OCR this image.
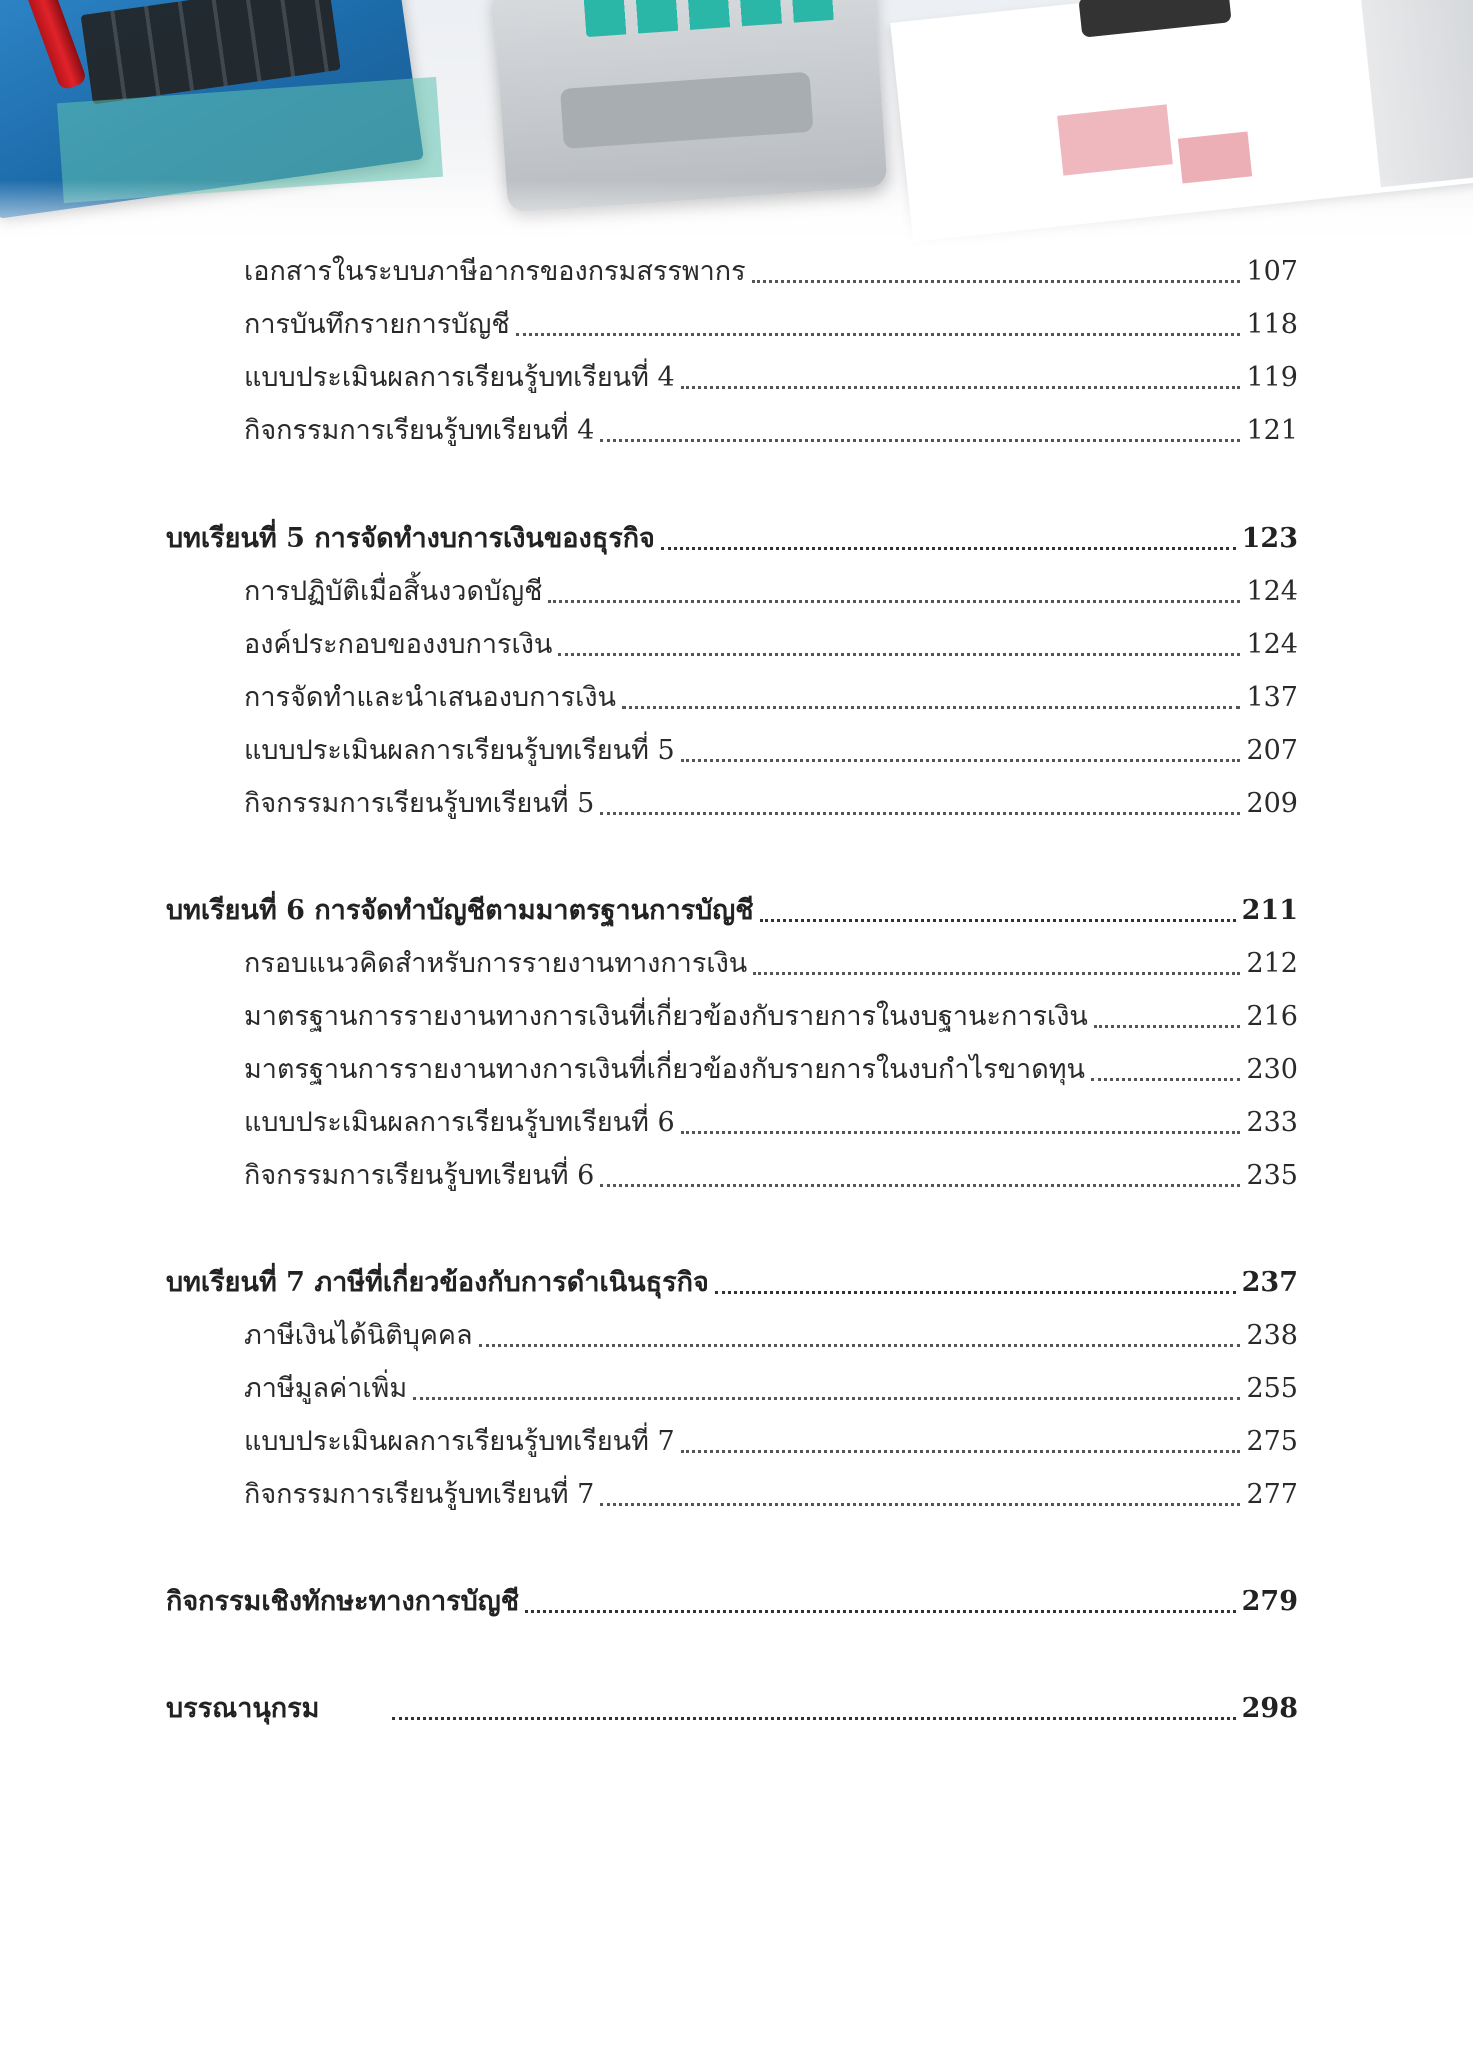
เอกสารในระบบภาษีอากรของกรมสรรพากร	107
การบันทึกรายการบัญชี	118
แบบประเมินผลการเรียนรู้บทเรียนที่ 4	119
กิจกรรมการเรียนรู้บทเรียนที่ 4	121
บทเรียนที่ 5 การจัดทำงบการเงินของธุรกิจ	123
การปฏิบัติเมื่อสิ้นงวดบัญชี	124
องค์ประกอบของงบการเงิน	124
การจัดทำและนำเสนองบการเงิน	137
แบบประเมินผลการเรียนรู้บทเรียนที่ 5	207
กิจกรรมการเรียนรู้บทเรียนที่ 5	209
บทเรียนที่ 6 การจัดทำบัญชีตามมาตรฐานการบัญชี	211
กรอบแนวคิดสำหรับการรายงานทางการเงิน	212
มาตรฐานการรายงานทางการเงินที่เกี่ยวข้องกับรายการในงบฐานะการเงิน	216
มาตรฐานการรายงานทางการเงินที่เกี่ยวข้องกับรายการในงบกำไรขาดทุน	230
แบบประเมินผลการเรียนรู้บทเรียนที่ 6	233
กิจกรรมการเรียนรู้บทเรียนที่ 6	235
บทเรียนที่ 7 ภาษีที่เกี่ยวข้องกับการดำเนินธุรกิจ	237
ภาษีเงินได้นิติบุคคล	238
ภาษีมูลค่าเพิ่ม	255
แบบประเมินผลการเรียนรู้บทเรียนที่ 7	275
กิจกรรมการเรียนรู้บทเรียนที่ 7	277
กิจกรรมเชิงทักษะทางการบัญชี	279
บรรณานุกรม	298
